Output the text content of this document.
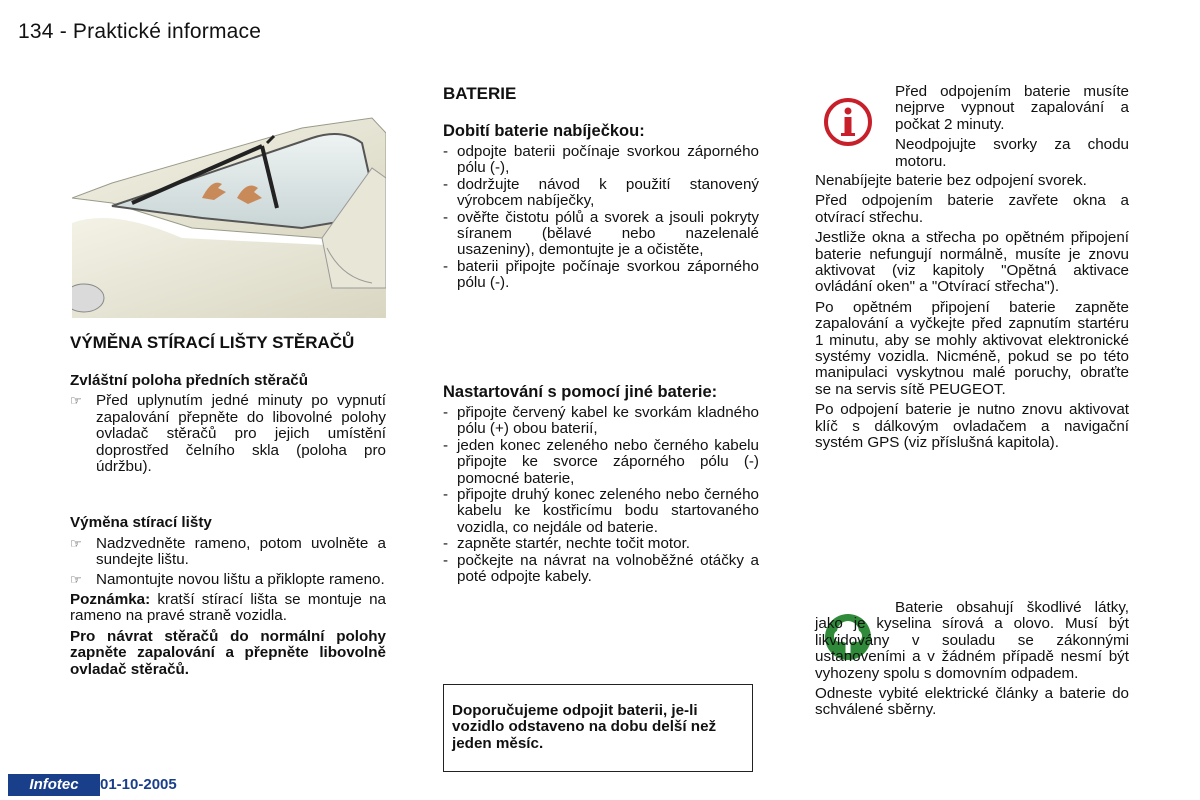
134 - Praktické informace
VÝMĚNA STÍRACÍ LIŠTY STĚRAČŮ
Zvláštní poloha předních stěračů
☞ Před uplynutím jedné minuty po vypnutí zapalování přepněte do libovolné polohy ovladač stěračů pro jejich umístění doprostřed čelního skla (poloha pro údržbu).
Výměna stírací lišty
☞ Nadzvedněte rameno, potom uvolněte a sundejte lištu.
☞ Namontujte novou lištu a přiklopte rameno.

Poznámka: kratší stírací lišta se montuje na rameno na pravé straně vozidla.

Pro návrat stěračů do normální polohy zapněte zapalování a přepněte libovolně ovladač stěračů.

BATERIE
Dobití baterie nabíječkou:
- odpojte baterii počínaje svorkou záporného pólu (-),
- dodržujte návod k použití stanovený výrobcem nabíječky,
- ověřte čistotu pólů a svorek a jsouli pokryty síranem (bělavé nebo nazelenalé usazeniny), demontujte je a očistěte,
- baterii připojte počínaje svorkou záporného pólu (-).
Nastartování s pomocí jiné baterie:
- připojte červený kabel ke svorkám kladného pólu (+) obou baterií,
- jeden konec zeleného nebo černého kabelu připojte ke svorce záporného pólu (-) pomocné baterie,
- připojte druhý konec zeleného nebo černého kabelu ke kostřicímu bodu startovaného vozidla, co nejdále od baterie.
- zapněte startér, nechte točit motor.
- počkejte na návrat na volnoběžné otáčky a poté odpojte kabely.
Doporučujeme odpojit baterii, je-li vozidlo odstaveno na dobu delší než jeden měsíc.

Před odpojením baterie musíte nejprve vypnout zapalování a počkat 2 minuty.

Neodpojujte svorky za chodu motoru.

Nenabíjejte baterie bez odpojení svorek.

Před odpojením baterie zavřete okna a otvírací střechu.

Jestliže okna a střecha po opětném připojení baterie nefungují normálně, musíte je znovu aktivovat (viz kapitoly "Opětná aktivace ovládání oken" a "Otvírací střecha").

Po opětném připojení baterie zapněte zapalování a vyčkejte před zapnutím startéru 1 minutu, aby se mohly aktivovat elektronické systémy vozidla. Nicméně, pokud se po této manipulaci vyskytnou malé poruchy, obraťte se na servis sítě PEUGEOT.

Po odpojení baterie je nutno znovu aktivovat klíč s dálkovým ovladačem a navigační systém GPS (viz příslušná kapitola).

Baterie obsahují škodlivé látky, jako je kyselina sírová a olovo. Musí být likvidovány v souladu se zákonnými ustanoveními a v žádném případě nesmí být vyhozeny spolu s domovním odpadem.

Odneste vybité elektrické články a baterie do schválené sběrny.

Infotec	01-10-2005
